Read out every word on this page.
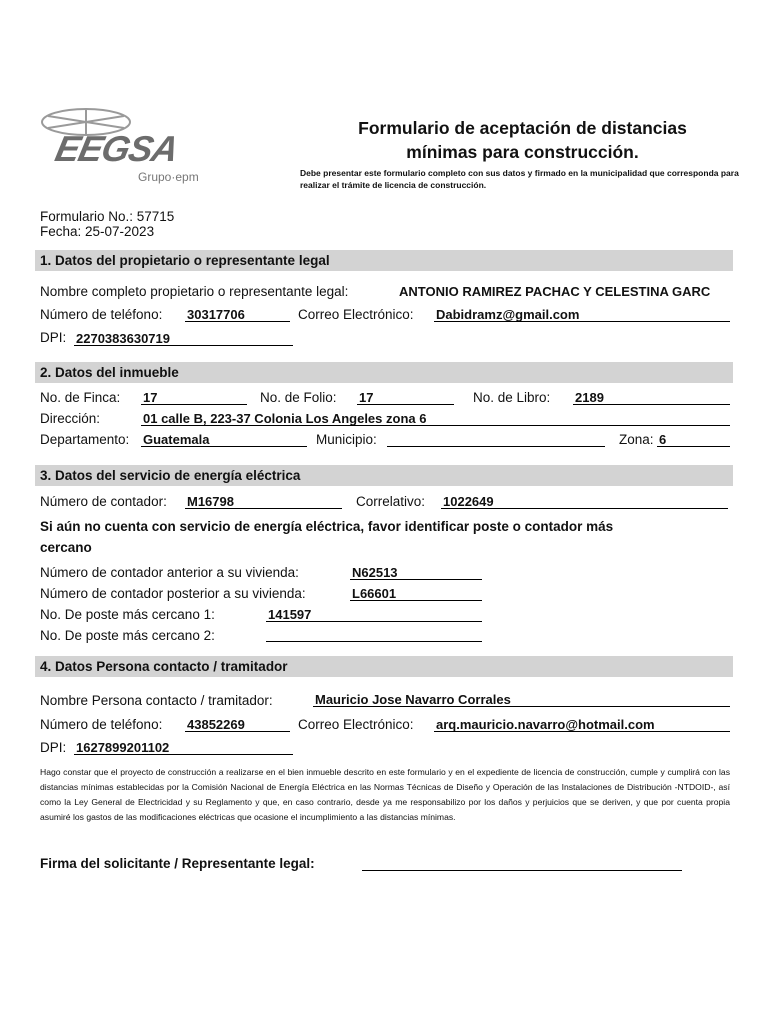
EEGSA
Grupo·epm
Formulario de aceptación de distancias
mínimas para construcción.
Debe presentar este formulario completo con sus datos y firmado en la municipalidad que corresponda para realizar el trámite de licencia de construcción.
Formulario No.: 57715
Fecha: 25-07-2023
1. Datos del propietario o representante legal
Nombre completo propietario o representante legal:	ANTONIO RAMIREZ PACHAC Y CELESTINA GARC
Número de teléfono: 30317706	Correo Electrónico: Dabidramz@gmail.com
DPI: 2270383630719
2. Datos del inmueble
No. de Finca: 17	No. de Folio: 17	No. de Libro: 2189
Dirección:	01 calle B, 223-37 Colonia Los Angeles zona 6
Departamento: Guatemala	Municipio:	Zona: 6
3. Datos del servicio de energía eléctrica
Número de contador: M16798	Correlativo: 1022649
Si aún no cuenta con servicio de energía eléctrica, favor identificar poste o contador más
cercano
Número de contador anterior a su vivienda:	N62513
Número de contador posterior a su vivienda:	L66601
No. De poste más cercano 1:	141597
No. De poste más cercano 2:
4. Datos Persona contacto / tramitador
Nombre Persona contacto / tramitador:	Mauricio Jose Navarro Corrales
Número de teléfono: 43852269	Correo Electrónico: arq.mauricio.navarro@hotmail.com
DPI: 1627899201102
Hago constar que el proyecto de construcción a realizarse en el bien inmueble descrito en este formulario y en el expediente de licencia de construcción, cumple y cumplirá con las distancias mínimas establecidas por la Comisión Nacional de Energía Eléctrica en las Normas Técnicas de Diseño y Operación de las Instalaciones de Distribución -NTDOID-, así como la Ley General de Electricidad y su Reglamento y que, en caso contrario, desde ya me responsabilizo por los daños y perjuicios que se deriven, y que por cuenta propia asumiré los gastos de las modificaciones eléctricas que ocasione el incumplimiento a las distancias mínimas.
Firma del solicitante / Representante legal:
